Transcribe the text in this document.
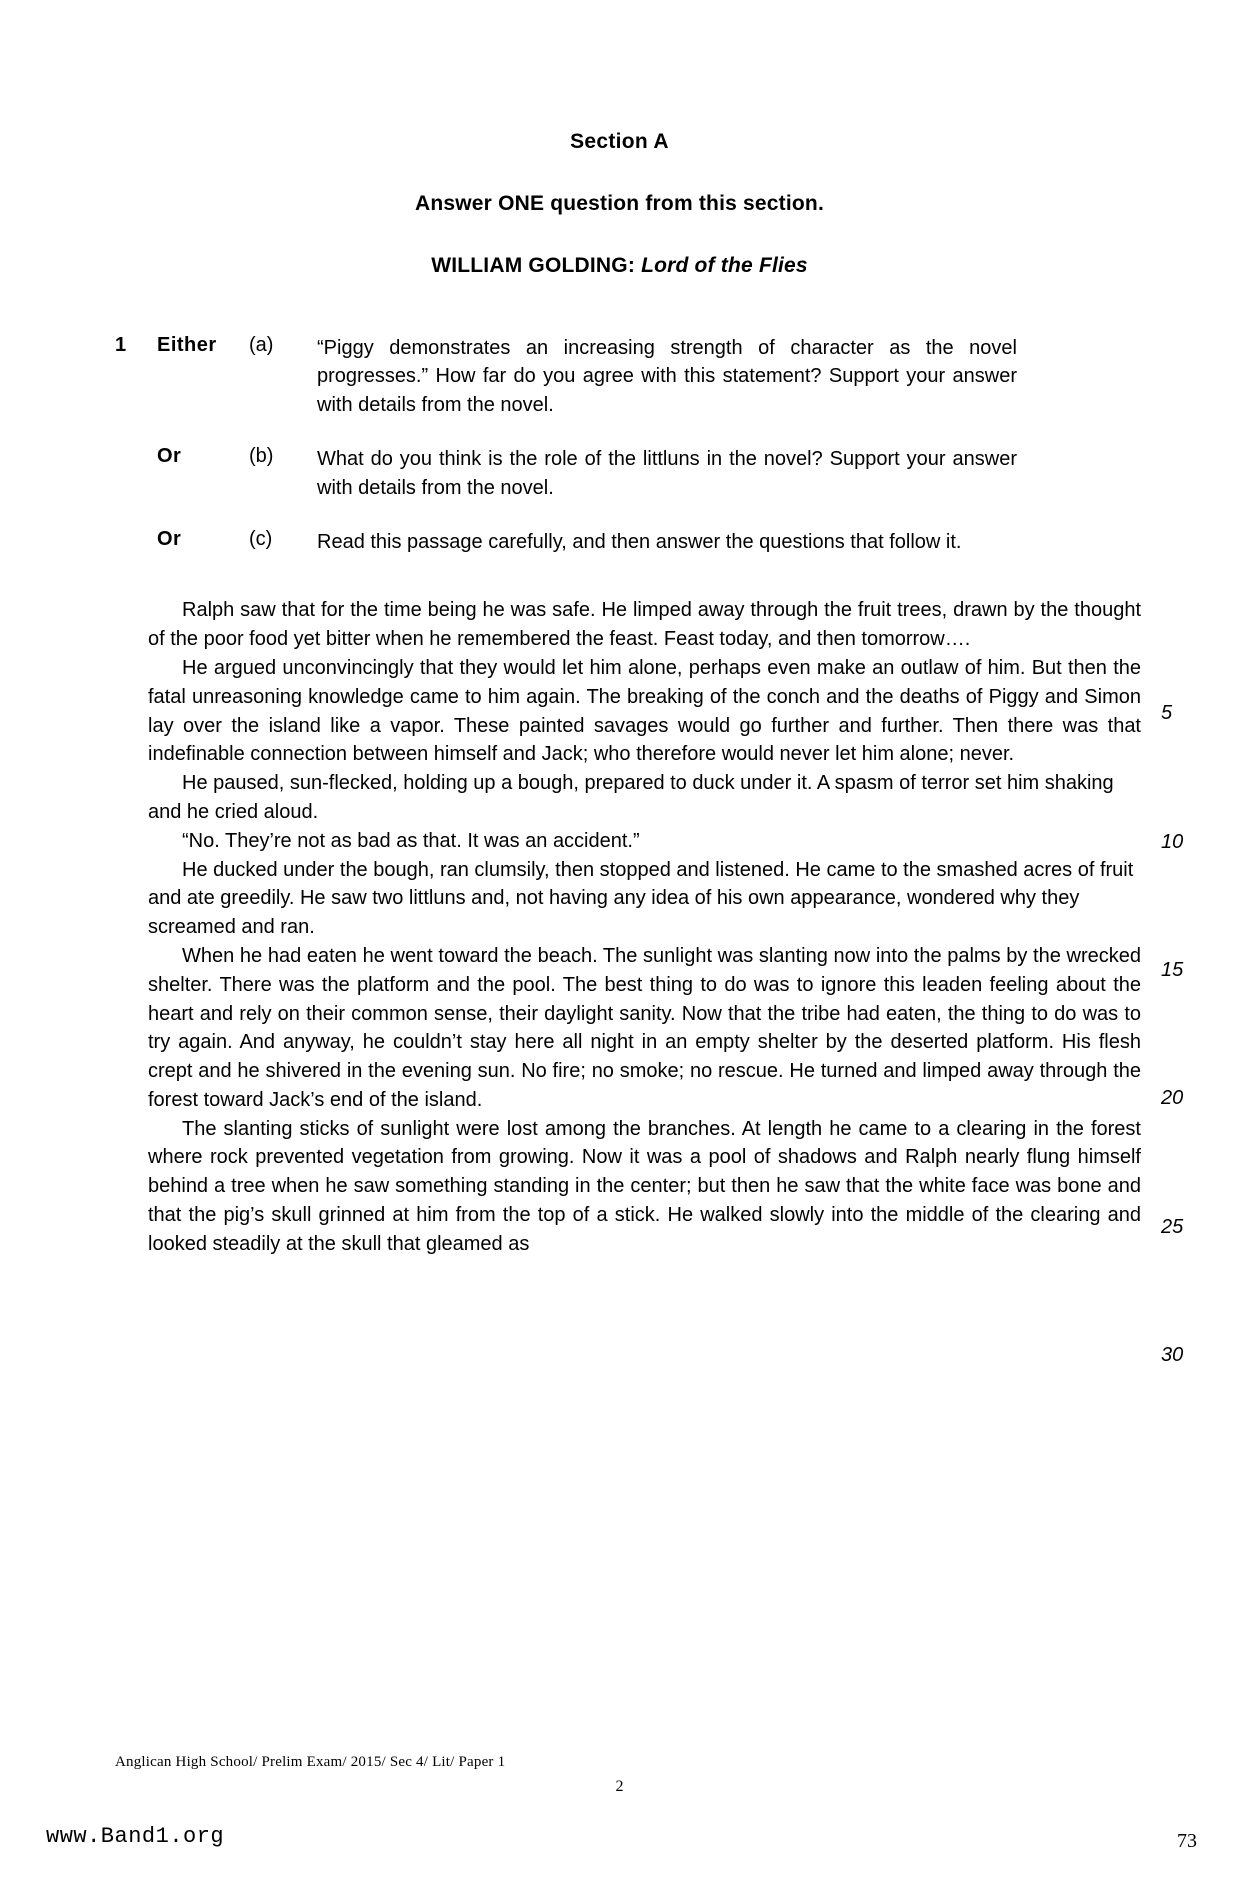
Section A
Answer ONE question from this section.
WILLIAM GOLDING: Lord of the Flies
1	Either	(a)	“Piggy demonstrates an increasing strength of character as the novel progresses.” How far do you agree with this statement? Support your answer with details from the novel.
Or	(b)	What do you think is the role of the littluns in the novel? Support your answer with details from the novel.
Or	(c)	Read this passage carefully, and then answer the questions that follow it.

Ralph saw that for the time being he was safe. He limped away through the fruit trees, drawn by the thought of the poor food yet bitter when he remembered the feast. Feast today, and then tomorrow….

He argued unconvincingly that they would let him alone, perhaps even make an outlaw of him. But then the fatal unreasoning knowledge came to him again. The breaking of the conch and the deaths of Piggy and Simon lay over the island like a vapor. These painted savages would go further and further. Then there was that indefinable connection between himself and Jack; who therefore would never let him alone; never.

He paused, sun-flecked, holding up a bough, prepared to duck under it. A spasm of terror set him shaking and he cried aloud.

“No. They’re not as bad as that. It was an accident.”

He ducked under the bough, ran clumsily, then stopped and listened. He came to the smashed acres of fruit and ate greedily. He saw two littluns and, not having any idea of his own appearance, wondered why they screamed and ran.

When he had eaten he went toward the beach. The sunlight was slanting now into the palms by the wrecked shelter. There was the platform and the pool. The best thing to do was to ignore this leaden feeling about the heart and rely on their common sense, their daylight sanity. Now that the tribe had eaten, the thing to do was to try again. And anyway, he couldn’t stay here all night in an empty shelter by the deserted platform. His flesh crept and he shivered in the evening sun. No fire; no smoke; no rescue. He turned and limped away through the forest toward Jack’s end of the island.

The slanting sticks of sunlight were lost among the branches. At length he came to a clearing in the forest where rock prevented vegetation from growing. Now it was a pool of shadows and Ralph nearly flung himself behind a tree when he saw something standing in the center; but then he saw that the white face was bone and that the pig’s skull grinned at him from the top of a stick. He walked slowly into the middle of the clearing and looked steadily at the skull that gleamed as

5
10
15
20
25
30
Anglican High School/ Prelim Exam/ 2015/ Sec 4/ Lit/ Paper 1
2
www.Band1.org	73
